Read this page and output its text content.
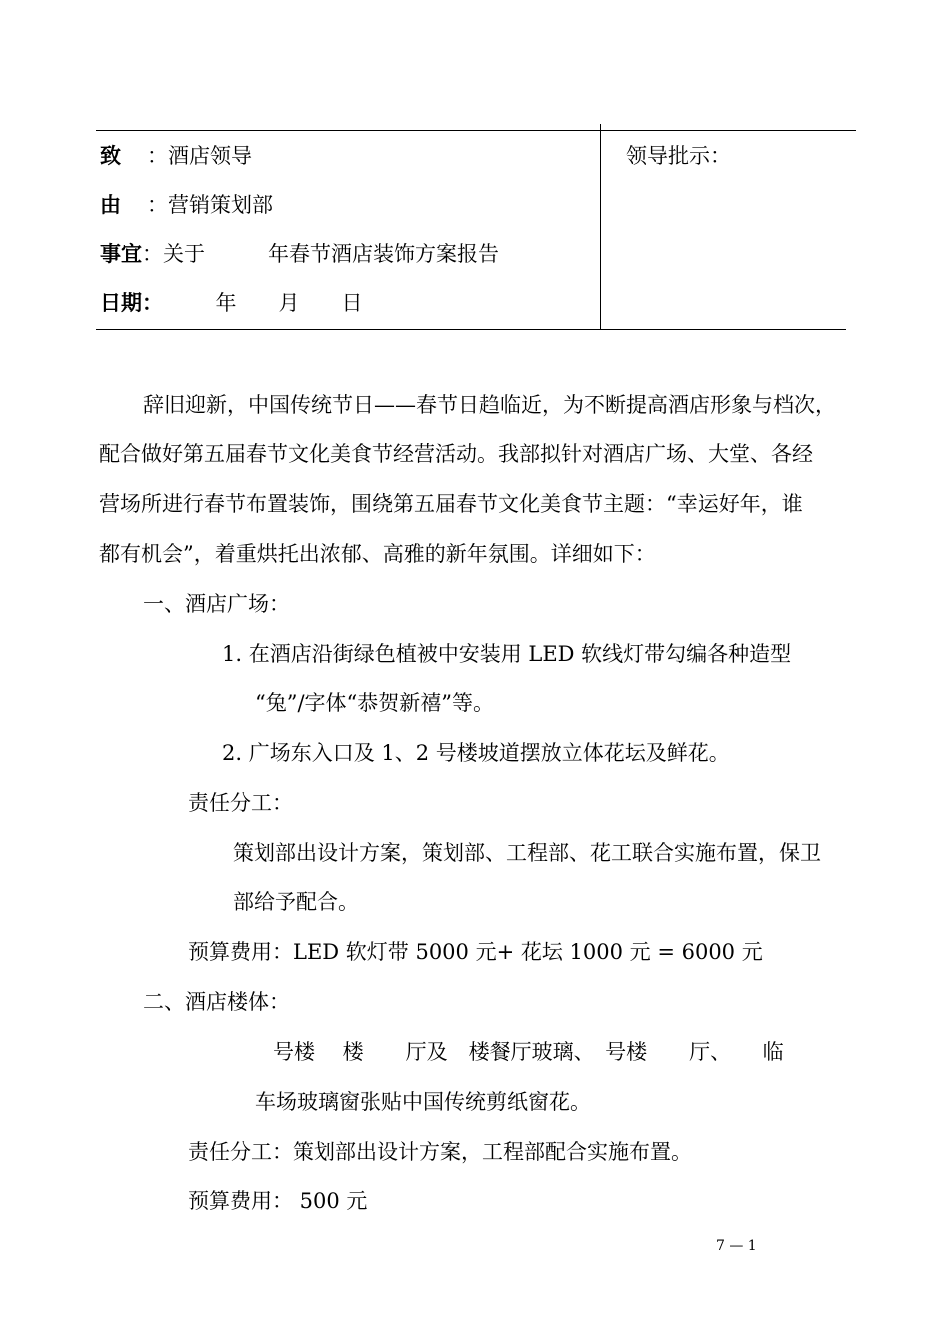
致 ：酒店领导
由 ：营销策划部
事宜：关于　　　年春节酒店装饰方案报告
日期：　　　年　　月　　日
领导批示：
辞旧迎新，中国传统节日——春节日趋临近，为不断提高酒店形象与档次，
配合做好第五届春节文化美食节经营活动。我部拟针对酒店广场、大堂、各经
营场所进行春节布置装饰，围绕第五届春节文化美食节主题：“幸运好年，谁
都有机会”，着重烘托出浓郁、高雅的新年氛围。详细如下：
一、酒店广场：
1. 在酒店沿街绿色植被中安装用 LED 软线灯带勾编各种造型
“兔”/字体“恭贺新禧”等。
2. 广场东入口及 1、2 号楼坡道摆放立体花坛及鲜花。
责任分工：
策划部出设计方案，策划部、工程部、花工联合实施布置，保卫
部给予配合。
预算费用：LED 软灯带 5000 元+ 花坛 1000 元 = 6000 元
二、酒店楼体：
号楼　 楼　　厅及　楼餐厅玻璃、　号楼　　厅、　　临
车场玻璃窗张贴中国传统剪纸窗花。
责任分工：策划部出设计方案，工程部配合实施布置。
预算费用： 500 元
7 — 1
